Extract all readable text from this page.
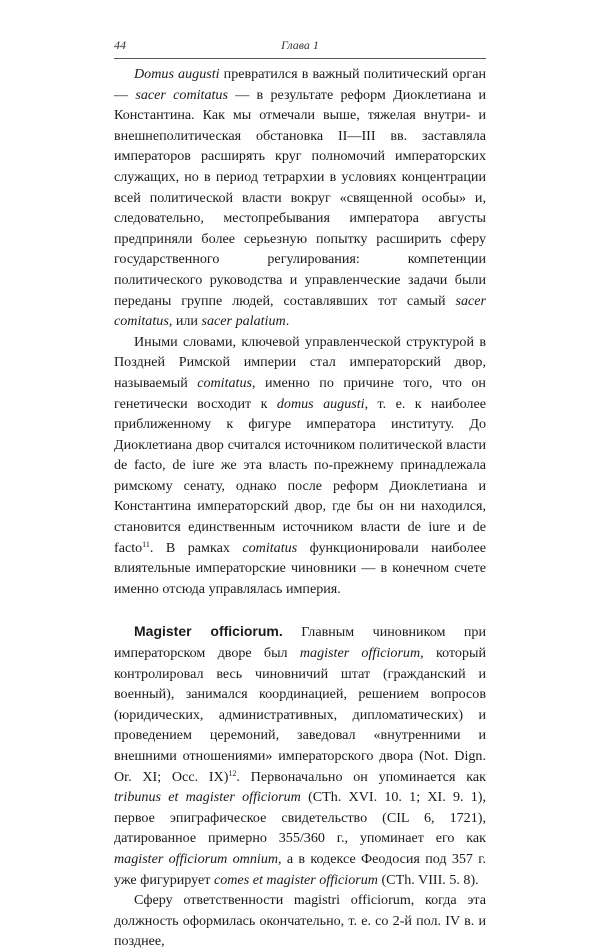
44	Глава 1

Domus augusti превратился в важный политический орган — sacer comitatus — в результате реформ Диоклетиана и Константина. Как мы отмечали выше, тяжелая внутри- и внешнеполитическая обстановка II—III вв. заставляла императоров расширять круг полномочий императорских служащих, но в период тетрархии в условиях концентрации всей политической власти вокруг «священной особы» и, следовательно, местопребывания императора августы предприняли более серьезную попытку расширить сферу государственного регулирования: компетенции политического руководства и управленческие задачи были переданы группе людей, составлявших тот самый sacer comitatus, или sacer palatium.

Иными словами, ключевой управленческой структурой в Поздней Римской империи стал императорский двор, называемый comitatus, именно по причине того, что он генетически восходит к domus augusti, т. е. к наиболее приближенному к фигуре императора институту. До Диоклетиана двор считался источником политической власти de facto, de iure же эта власть по-прежнему принадлежала римскому сенату, однако после реформ Диоклетиана и Константина императорский двор, где бы он ни находился, становится единственным источником власти de iure и de facto$^{11}$. В рамках comitatus функционировали наиболее влиятельные императорские чиновники — в конечном счете именно отсюда управлялась империя.

Magister officiorum. Главным чиновником при императорском дворе был magister officiorum, который контролировал весь чиновничий штат (гражданский и военный), занимался координацией, решением вопросов (юридических, административных, дипломатических) и проведением церемоний, заведовал «внутренними и внешними отношениями» императорского двора (Not. Dign. Or. XI; Occ. IX)$^{12}$. Первоначально он упоминается как tribunus et magister officiorum (CTh. XVI. 10. 1; XI. 9. 1), первое эпиграфическое свидетельство (CIL 6, 1721), датированное примерно 355/360 г., упоминает его как magister officiorum omnium, а в кодексе Феодосия под 357 г. уже фигурирует comes et magister officiorum (CTh. VIII. 5. 8).

Сферу ответственности magistri officiorum, когда эта должность оформилась окончательно, т. е. со 2-й пол. IV в. и позднее,
